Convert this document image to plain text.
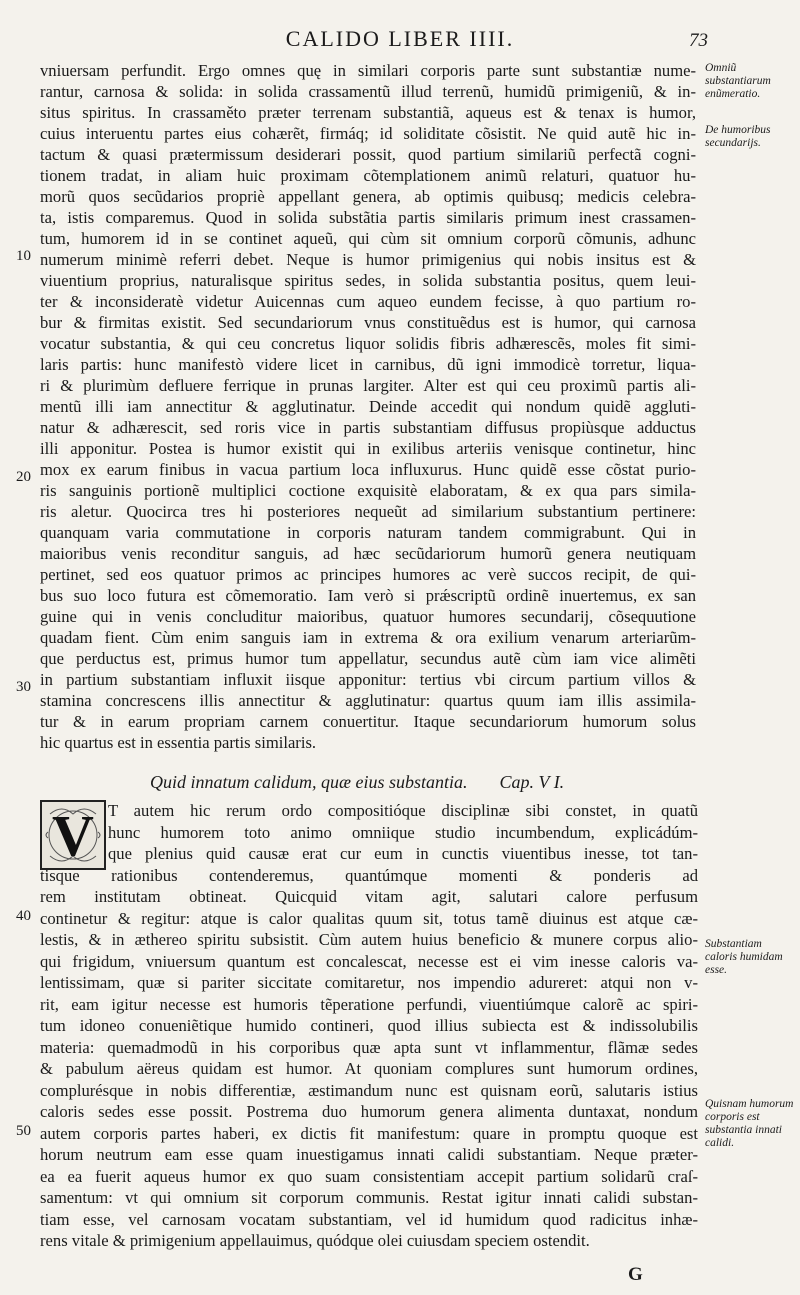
CALIDO LIBER IIII.	73
10
20
30
40
50
vniuersam perfundit. Ergo omnes quę in similari corporis parte sunt substantiæ nume-
rantur, carnosa & solida: in solida crassamentũ illud terrenũ, humidũ primigeniũ, & in-
situs spiritus. In crassaměto præter terrenam substantiã, aqueus est & tenax is humor,
cuius interuentu partes eius cohærẽt, firmáq; id soliditate cõsistit. Ne quid autẽ hic in-
tactum & quasi prætermissum desiderari possit, quod partium similariũ perfectã cogni-
tionem tradat, in aliam huic proximam cõtemplationem animũ relaturi, quatuor hu-
morũ quos secũdarios propriè appellant genera, ab optimis quibusq; medicis celebra-
ta, istis comparemus. Quod in solida substãtia partis similaris primum inest crassamen-
tum, humorem id in se continet aqueũ, qui cùm sit omnium corporũ cõmunis, adhunc
numerum minimè referri debet. Neque is humor primigenius qui nobis insitus est &
viuentium proprius, naturalisque spiritus sedes, in solida substantia positus, quem leui-
ter & inconsideratè videtur Auicennas cum aqueo eundem fecisse, à quo partium ro-
bur & firmitas existit. Sed secundariorum vnus constituẽdus est is humor, qui carnosa
vocatur substantia, & qui ceu concretus liquor solidis fibris adhærescẽs, moles fit simi-
laris partis: hunc manifestò videre licet in carnibus, dũ igni immodicè torretur, liqua-
ri & plurimùm defluere ferrique in prunas largiter. Alter est qui ceu proximũ partis ali-
mentũ illi iam annectitur & agglutinatur. Deinde accedit qui nondum quidẽ aggluti-
natur & adhærescit, sed roris vice in partis substantiam diffusus propiùsque adductus
illi apponitur. Postea is humor existit qui in exilibus arteriis venisque continetur, hinc
mox ex earum finibus in vacua partium loca influxurus. Hunc quidẽ esse cõstat purio-
ris sanguinis portionẽ multiplici coctione exquisitè elaboratam, & ex qua pars simila-
ris aletur. Quocirca tres hi posteriores nequeũt ad similarium substantium pertinere:
quanquam varia commutatione in corporis naturam tandem commigrabunt. Qui in
maioribus venis reconditur sanguis, ad hæc secũdariorum humorũ genera neutiquam
pertinet, sed eos quatuor primos ac principes humores ac verè succos recipit, de qui-
bus suo loco futura est cõmemoratio. Iam verò si prǽscriptũ ordinẽ inuertemus, ex san
guine qui in venis concluditur maioribus, quatuor humores secundarij, cõsequutione
quadam fient. Cùm enim sanguis iam in extrema & ora exilium venarum arteriarũm-
que perductus est, primus humor tum appellatur, secundus autẽ cùm iam vice alimẽti
in partium substantiam influxit iisque apponitur: tertius vbi circum partium villos &
stamina concrescens illis annectitur & agglutinatur: quartus quum iam illis assimila-
tur & in earum propriam carnem conuertitur. Itaque secundariorum humorum solus
hic quartus est in essentia partis similaris.
Quid innatum calidum, quæ eius substantia. Cap. V I.
V T autem hic rerum ordo compositióque disciplinæ sibi constet, in quatũ
hunc humorem toto animo omniique studio incumbendum, explicádúm-
que plenius quid causæ erat cur eum in cunctis viuentibus inesse, tot tan-
tisque rationibus contenderemus, quantúmque momenti & ponderis ad
rem institutam obtineat. Quicquid vitam agit, salutari calore perfusum
continetur & regitur: atque is calor qualitas quum sit, totus tamẽ diuinus est atque cæ-
lestis, & in æthereo spiritu subsistit. Cùm autem huius beneficio & munere corpus alio-
qui frigidum, vniuersum quantum est concalescat, necesse est ei vim inesse caloris va-
lentissimam, quæ si pariter siccitate comitaretur, nos impendio adureret: atqui non v-
rit, eam igitur necesse est humoris tẽperatione perfundi, viuentiúmque calorẽ ac spiri-
tum idoneo conueniẽtique humido contineri, quod illius subiecta est & indissolubilis
materia: quemadmodũ in his corporibus quæ apta sunt vt inflammentur, flãmæ sedes
& pabulum aëreus quidam est humor. At quoniam complures sunt humorum ordines,
complurésque in nobis differentiæ, æstimandum nunc est quisnam eorũ, salutaris istius
caloris sedes esse possit. Postrema duo humorum genera alimenta duntaxat, nondum
autem corporis partes haberi, ex dictis fit manifestum: quare in promptu quoque est
horum neutrum eam esse quam inuestigamus innati calidi substantiam. Neque præter-
ea ea fuerit aqueus humor ex quo suam consistentiam accepit partium solidarũ craſ-
samentum: vt qui omnium sit corporum communis. Restat igitur innati calidi substan-
tiam esse, vel carnosam vocatam substantiam, vel id humidum quod radicitus inhæ-
rens vitale & primigenium appellauimus, quódque olei cuiusdam speciem ostendit.
Omniũ substantiarum enũmeratio.
De humoribus secundarijs.
Substantiam caloris humidam esse.
Quisnam humorum corporis est substantia innati calidi.
G
